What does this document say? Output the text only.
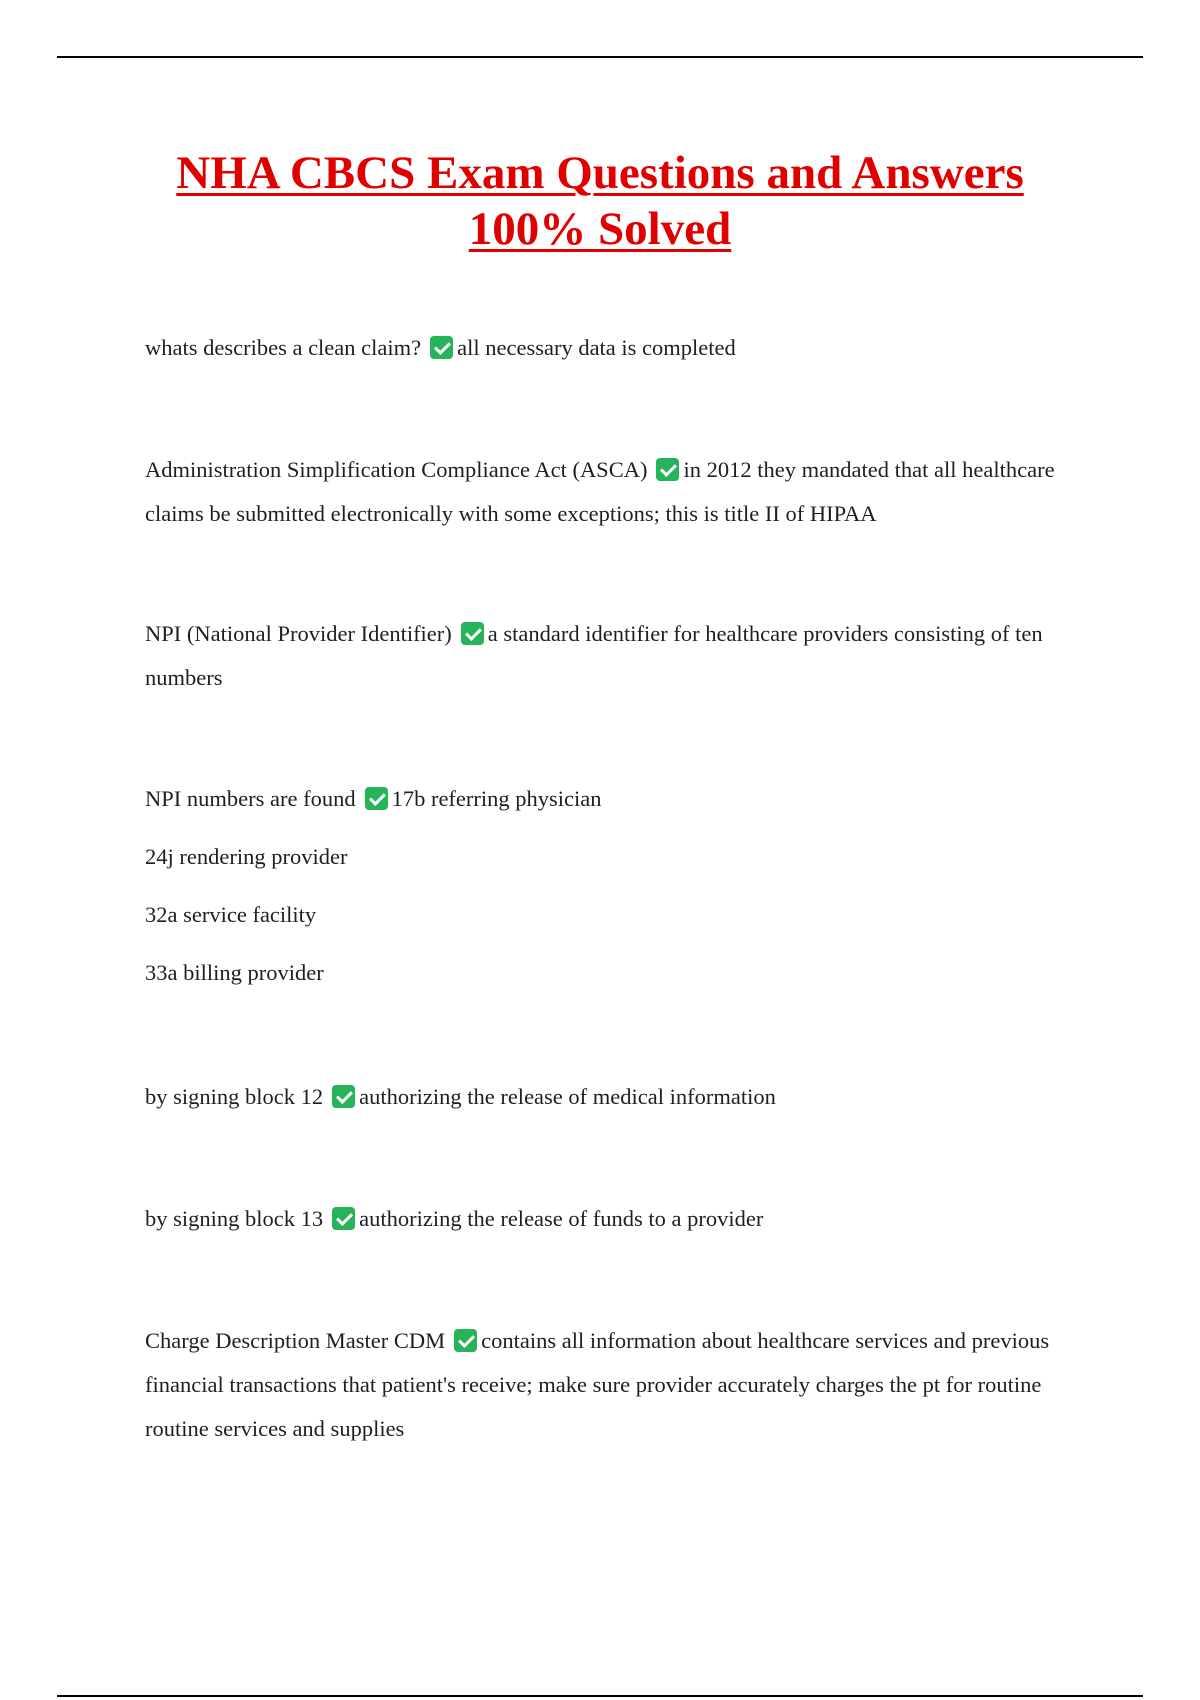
NHA CBCS Exam Questions and Answers
100% Solved

whats describes a clean claim? all necessary data is completed

Administration Simplification Compliance Act (ASCA) in 2012 they mandated that all healthcare claims be submitted electronically with some exceptions; this is title II of HIPAA

NPI (National Provider Identifier) a standard identifier for healthcare providers consisting of ten numbers

NPI numbers are found 17b referring physician

24j rendering provider

32a service facility

33a billing provider

by signing block 12 authorizing the release of medical information

by signing block 13 authorizing the release of funds to a provider

Charge Description Master CDM contains all information about healthcare services and previous financial transactions that patient's receive; make sure provider accurately charges the pt for routine routine services and supplies
